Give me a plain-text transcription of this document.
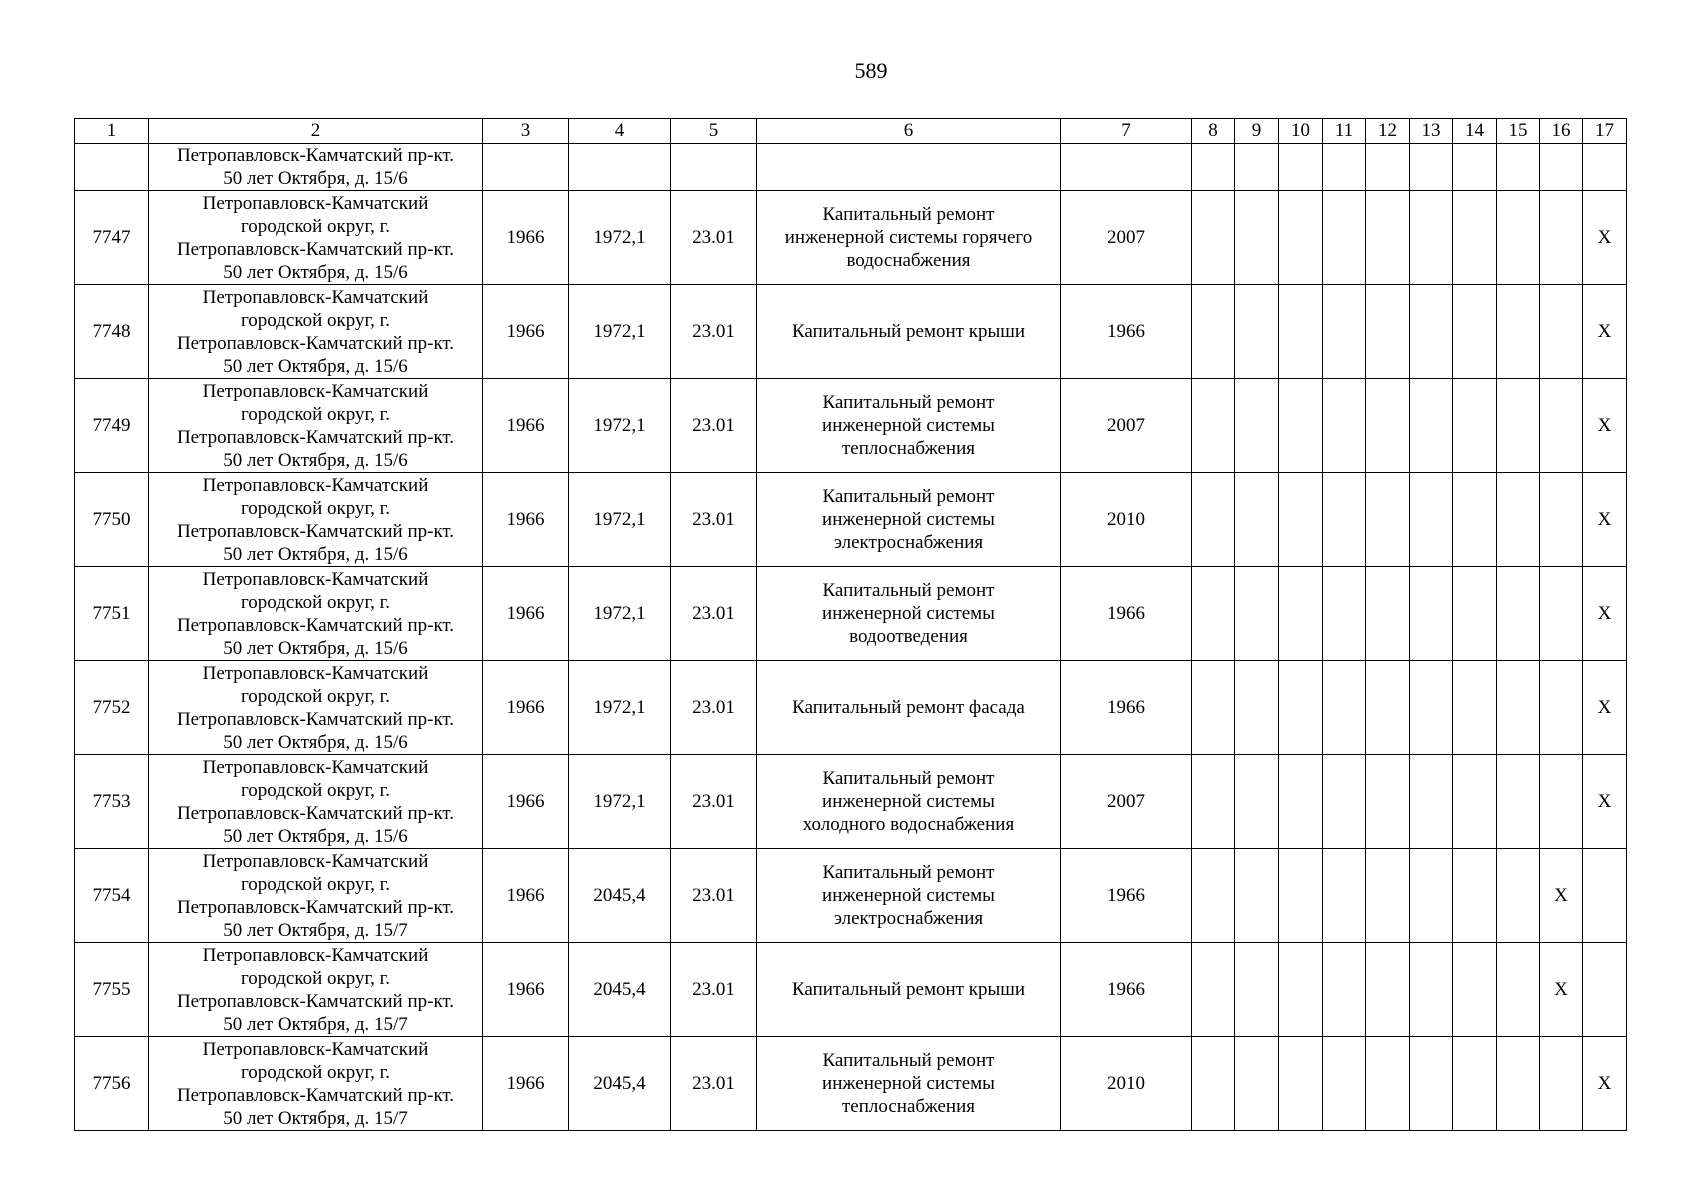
589
1	2	3	4	5	6	7	8	9	10	11	12	13	14	15	16	17

	Петропавловск-Камчатский пр-кт.
50 лет Октября, д. 15/6															

7747	Петропавловск-Камчатский
городской округ, г.
Петропавловск-Камчатский пр-кт.
50 лет Октября, д. 15/6	1966	1972,1	23.01	Капитальный ремонт
инженерной системы горячего
водоснабжения	2007										X
7748	Петропавловск-Камчатский
городской округ, г.
Петропавловск-Камчатский пр-кт.
50 лет Октября, д. 15/6	1966	1972,1	23.01	Капитальный ремонт крыши	1966										X
7749	Петропавловск-Камчатский
городской округ, г.
Петропавловск-Камчатский пр-кт.
50 лет Октября, д. 15/6	1966	1972,1	23.01	Капитальный ремонт
инженерной системы
теплоснабжения	2007										X
7750	Петропавловск-Камчатский
городской округ, г.
Петропавловск-Камчатский пр-кт.
50 лет Октября, д. 15/6	1966	1972,1	23.01	Капитальный ремонт
инженерной системы
электроснабжения	2010										X
7751	Петропавловск-Камчатский
городской округ, г.
Петропавловск-Камчатский пр-кт.
50 лет Октября, д. 15/6	1966	1972,1	23.01	Капитальный ремонт
инженерной системы
водоотведения	1966										X
7752	Петропавловск-Камчатский
городской округ, г.
Петропавловск-Камчатский пр-кт.
50 лет Октября, д. 15/6	1966	1972,1	23.01	Капитальный ремонт фасада	1966										X
7753	Петропавловск-Камчатский
городской округ, г.
Петропавловск-Камчатский пр-кт.
50 лет Октября, д. 15/6	1966	1972,1	23.01	Капитальный ремонт
инженерной системы
холодного водоснабжения	2007										X
7754	Петропавловск-Камчатский
городской округ, г.
Петропавловск-Камчатский пр-кт.
50 лет Октября, д. 15/7	1966	2045,4	23.01	Капитальный ремонт
инженерной системы
электроснабжения	1966									X	
7755	Петропавловск-Камчатский
городской округ, г.
Петропавловск-Камчатский пр-кт.
50 лет Октября, д. 15/7	1966	2045,4	23.01	Капитальный ремонт крыши	1966									X	
7756	Петропавловск-Камчатский
городской округ, г.
Петропавловск-Камчатский пр-кт.
50 лет Октября, д. 15/7	1966	2045,4	23.01	Капитальный ремонт
инженерной системы
теплоснабжения	2010										X
